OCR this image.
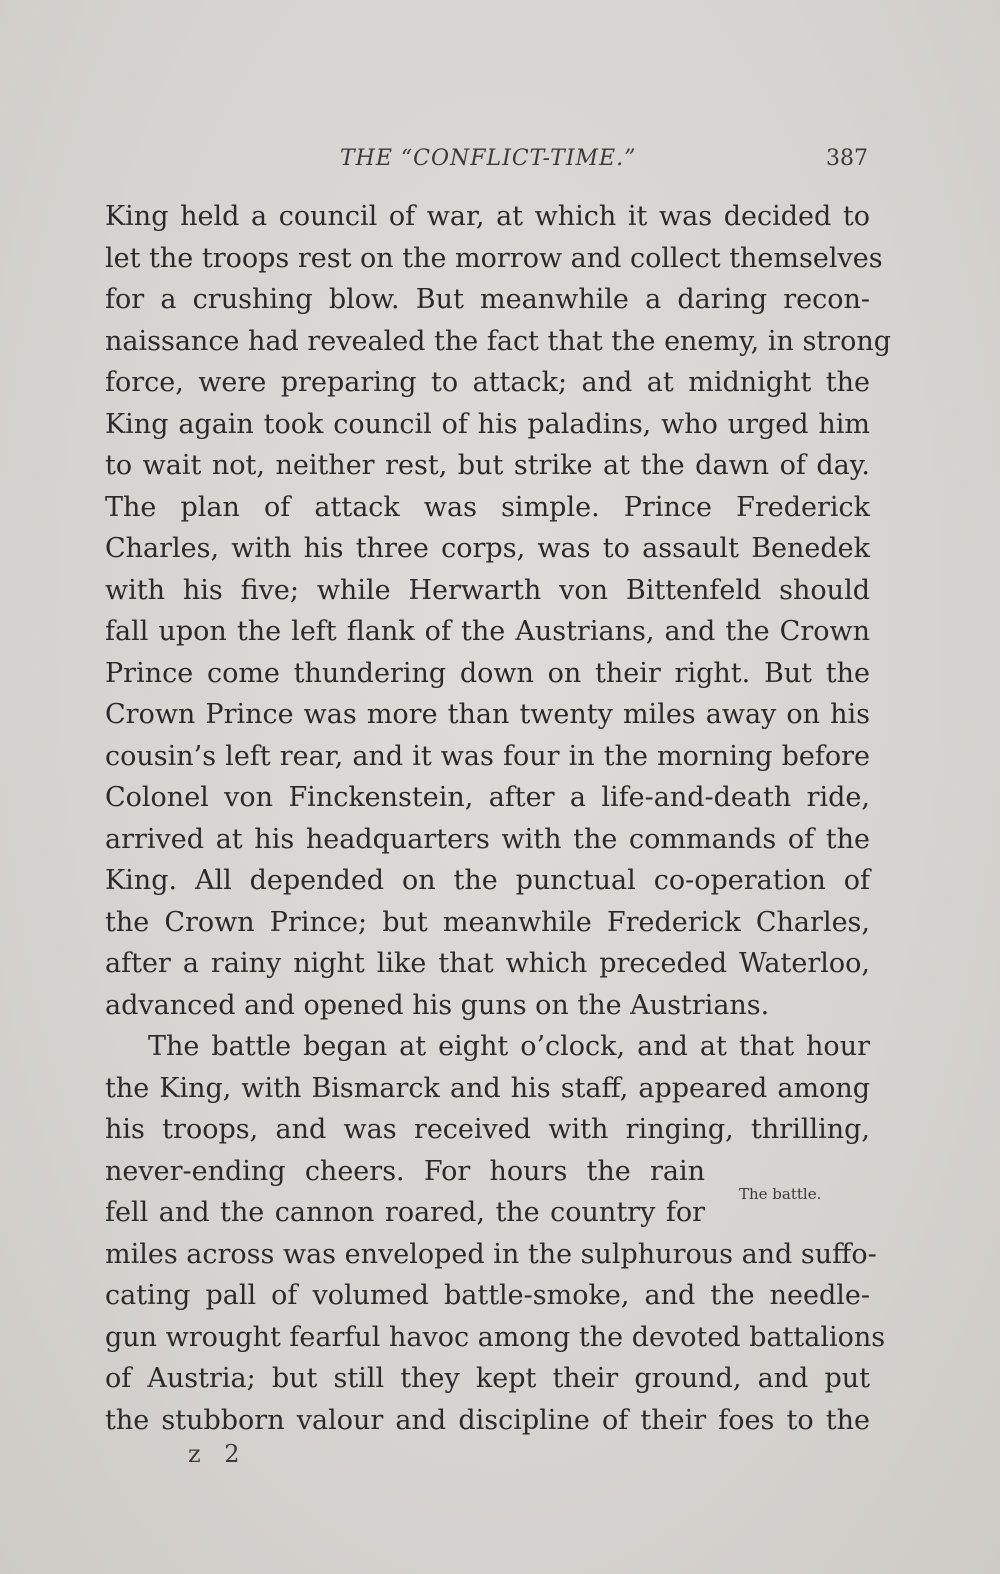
THE “CONFLICT-TIME.”	387
King held a council of war, at which it was decided to
let the troops rest on the morrow and collect themselves
for a crushing blow. But meanwhile a daring recon-
naissance had revealed the fact that the enemy, in strong
force, were preparing to attack; and at midnight the
King again took council of his paladins, who urged him
to wait not, neither rest, but strike at the dawn of day.
The plan of attack was simple. Prince Frederick
Charles, with his three corps, was to assault Benedek
with his five; while Herwarth von Bittenfeld should
fall upon the left flank of the Austrians, and the Crown
Prince come thundering down on their right. But the
Crown Prince was more than twenty miles away on his
cousin’s left rear, and it was four in the morning before
Colonel von Finckenstein, after a life-and-death ride,
arrived at his headquarters with the commands of the
King. All depended on the punctual co-operation of
the Crown Prince; but meanwhile Frederick Charles,
after a rainy night like that which preceded Waterloo,
advanced and opened his guns on the Austrians.
The battle began at eight o’clock, and at that hour
the King, with Bismarck and his staff, appeared among
his troops, and was received with ringing, thrilling,
never-ending cheers. For hours the rain
fell and the cannon roared, the country for
miles across was enveloped in the sulphurous and suffo-
cating pall of volumed battle-smoke, and the needle-
gun wrought fearful havoc among the devoted battalions
of Austria; but still they kept their ground, and put
the stubborn valour and discipline of their foes to the
The battle.
z 2
